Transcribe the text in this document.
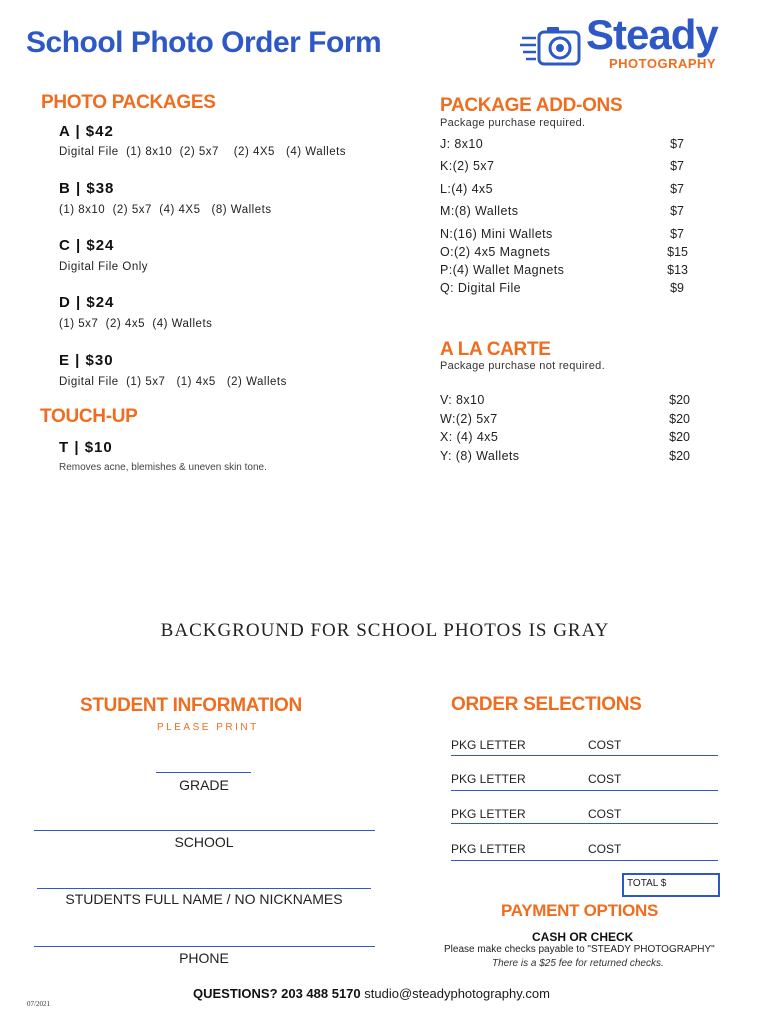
School Photo Order Form	Steady
PHOTOGRAPHY
PHOTO PACKAGES
A | $42
Digital File  (1) 8x10  (2) 5x7    (2) 4X5   (4) Wallets
B | $38
(1) 8x10  (2) 5x7  (4) 4X5   (8) Wallets
C | $24
Digital File Only
D | $24
(1) 5x7  (2) 4x5  (4) Wallets
E | $30
Digital File  (1) 5x7   (1) 4x5   (2) Wallets
TOUCH-UP
T | $10
Removes acne, blemishes & uneven skin tone.
PACKAGE ADD-ONS
Package purchase required.
J: 8x10	$7
K:(2) 5x7	$7
L:(4) 4x5	$7
M:(8) Wallets	$7
N:(16) Mini Wallets	$7
O:(2) 4x5 Magnets	$15
P:(4) Wallet Magnets	$13
Q: Digital File	$9
A LA CARTE
Package purchase not required.
V: 8x10	$20
W:(2) 5x7	$20
X: (4) 4x5	$20
Y: (8) Wallets	$20
BACKGROUND FOR SCHOOL PHOTOS IS GRAY
STUDENT INFORMATION
PLEASE PRINT
GRADE
SCHOOL
STUDENTS FULL NAME / NO NICKNAMES
PHONE
ORDER SELECTIONS
PKG LETTER	COST
PKG LETTER	COST
PKG LETTER	COST
PKG LETTER	COST
TOTAL $
PAYMENT OPTIONS
CASH OR CHECK
Please make checks payable to "STEADY PHOTOGRAPHY"
There is a $25 fee for returned checks.
QUESTIONS? 203 488 5170 studio@steadyphotography.com
07/2021
